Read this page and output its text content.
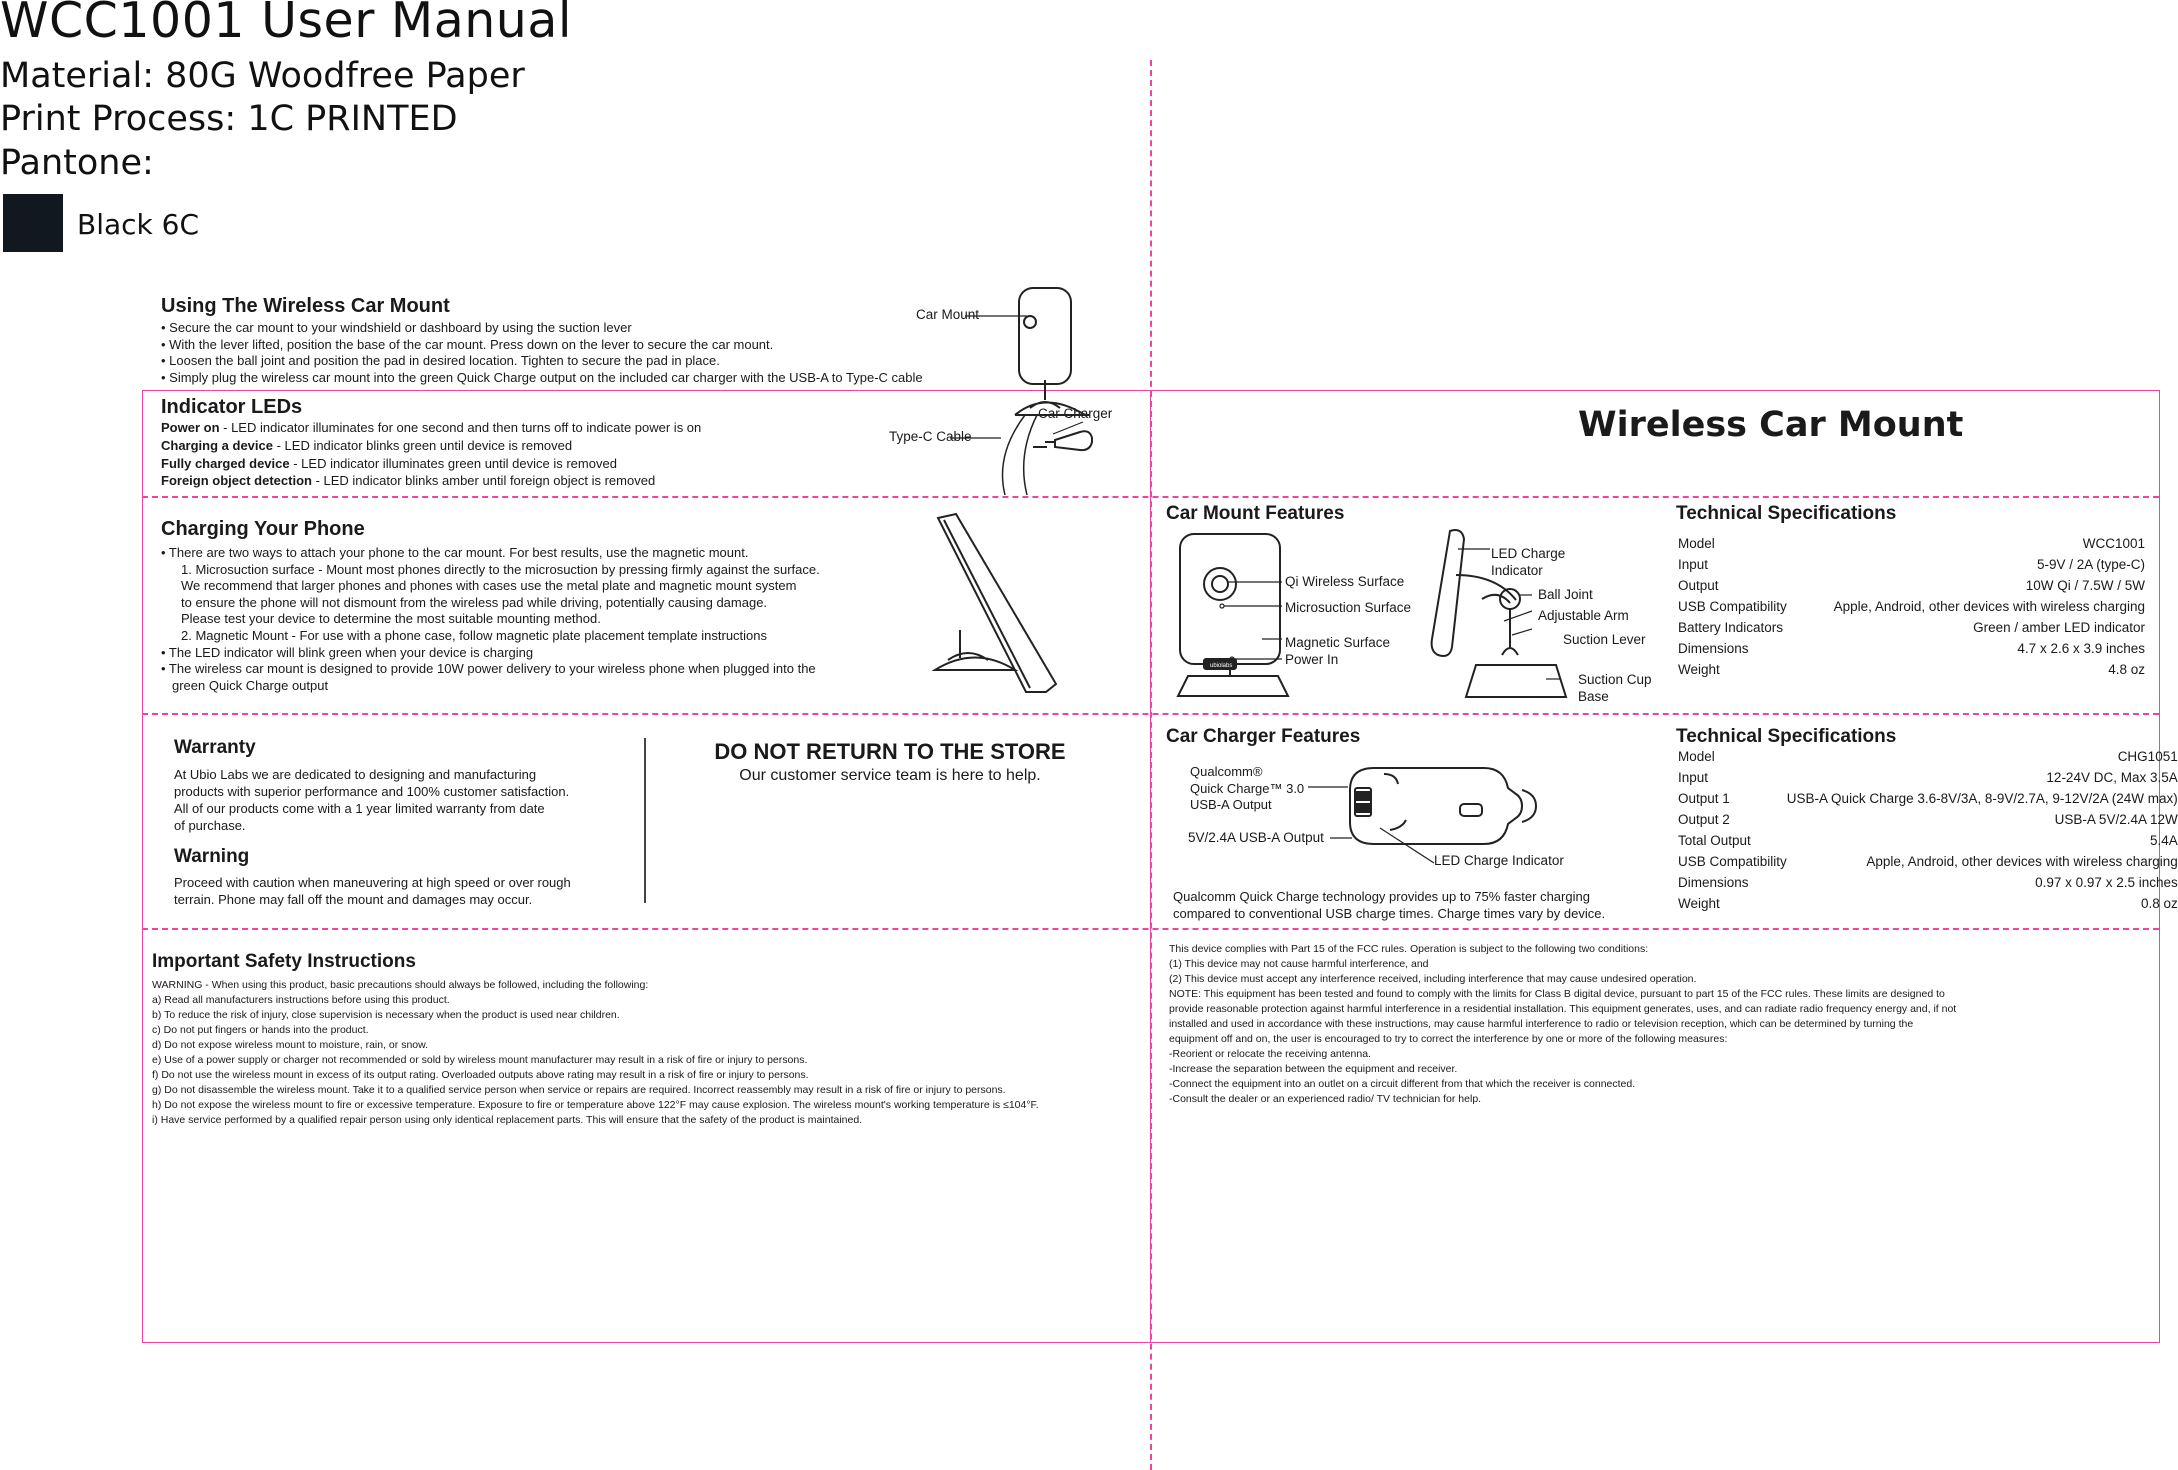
WCC1001 User Manual
Material: 80G Woodfree Paper
Print Process: 1C PRINTED
Pantone:
Black 6C
Using The Wireless Car Mount

• Secure the car mount to your windshield or dashboard by using the suction lever

• With the lever lifted, position the base of the car mount. Press down on the lever to secure the car mount.

• Loosen the ball joint and position the pad in desired location. Tighten to secure the pad in place.

• Simply plug the wireless car mount into the green Quick Charge output on the included car charger with the USB-A to Type-C cable

Car Mount
Type-C Cable
Car Charger
Indicator LEDs

Power on - LED indicator illuminates for one second and then turns off to indicate power is on

Charging a device - LED indicator blinks green until device is removed

Fully charged device - LED indicator illuminates green until device is removed

Foreign object detection - LED indicator blinks amber until foreign object is removed

Charging Your Phone

• There are two ways to attach your phone to the car mount. For best results, use the magnetic mount.

1. Microsuction surface - Mount most phones directly to the microsuction by pressing firmly against the surface.

We recommend that larger phones and phones with cases use the metal plate and magnetic mount system

to ensure the phone will not dismount from the wireless pad while driving, potentially causing damage.

Please test your device to determine the most suitable mounting method.

2. Magnetic Mount - For use with a phone case, follow magnetic plate placement template instructions

• The LED indicator will blink green when your device is charging

• The wireless car mount is designed to provide 10W power delivery to your wireless phone when plugged into the

green Quick Charge output

Warranty

At Ubio Labs we are dedicated to designing and manufacturing

products with superior performance and 100% customer satisfaction.

All of our products come with a 1 year limited warranty from date

of purchase.

Warning

Proceed with caution when maneuvering at high speed or over rough

terrain. Phone may fall off the mount and damages may occur.

DO NOT RETURN TO THE STORE
Our customer service team is here to help.
Important Safety Instructions

WARNING - When using this product, basic precautions should always be followed, including the following:

a) Read all manufacturers instructions before using this product.

b) To reduce the risk of injury, close supervision is necessary when the product is used near children.

c) Do not put fingers or hands into the product.

d) Do not expose wireless mount to moisture, rain, or snow.

e) Use of a power supply or charger not recommended or sold by wireless mount manufacturer may result in a risk of fire or injury to persons.

f) Do not use the wireless mount in excess of its output rating. Overloaded outputs above rating may result in a risk of fire or injury to persons.

g) Do not disassemble the wireless mount. Take it to a qualified service person when service or repairs are required. Incorrect reassembly may result in a risk of fire or injury to persons.

h) Do not expose the wireless mount to fire or excessive temperature. Exposure to fire or temperature above 122°F may cause explosion. The wireless mount's working temperature is ≤104°F.

i) Have service performed by a qualified repair person using only identical replacement parts. This will ensure that the safety of the product is maintained.

This device complies with Part 15 of the FCC rules. Operation is subject to the following two conditions:

(1) This device may not cause harmful interference, and

(2) This device must accept any interference received, including interference that may cause undesired operation.

NOTE: This equipment has been tested and found to comply with the limits for Class B digital device, pursuant to part 15 of the FCC rules. These limits are designed to

provide reasonable protection against harmful interference in a residential installation. This equipment generates, uses, and can radiate radio frequency energy and, if not

installed and used in accordance with these instructions, may cause harmful interference to radio or television reception, which can be determined by turning the

equipment off and on, the user is encouraged to try to correct the interference by one or more of the following measures:

-Reorient or relocate the receiving antenna.

-Increase the separation between the equipment and receiver.

-Connect the equipment into an outlet on a circuit different from that which the receiver is connected.

-Consult the dealer or an experienced radio/ TV technician for help.

Wireless Car Mount
Car Mount Features
ubiolabs
Qi Wireless Surface
Microsuction Surface
Magnetic Surface
Power In
LED Charge
Indicator
Ball Joint
Adjustable Arm
Suction Lever
Suction Cup
Base
Technical Specifications
Model	WCC1001
Input	5-9V / 2A (type-C)
Output	10W Qi / 7.5W / 5W
USB Compatibility	Apple, Android, other devices with wireless charging
Battery Indicators	Green / amber LED indicator
Dimensions	4.7 x 2.6 x 3.9 inches
Weight	4.8 oz
Car Charger Features
Qualcomm®
Quick Charge™ 3.0
USB-A Output
5V/2.4A USB-A Output
LED Charge Indicator

Qualcomm Quick Charge technology provides up to 75% faster charging

compared to conventional USB charge times. Charge times vary by device.

Technical Specifications
Model	CHG1051
Input	12-24V DC, Max 3.5A
Output 1	USB-A Quick Charge 3.6-8V/3A, 8-9V/2.7A, 9-12V/2A (24W max)
Output 2	USB-A 5V/2.4A 12W
Total Output	5.4A
USB Compatibility	Apple, Android, other devices with wireless charging
Dimensions	0.97 x 0.97 x 2.5 inches
Weight	0.8 oz
